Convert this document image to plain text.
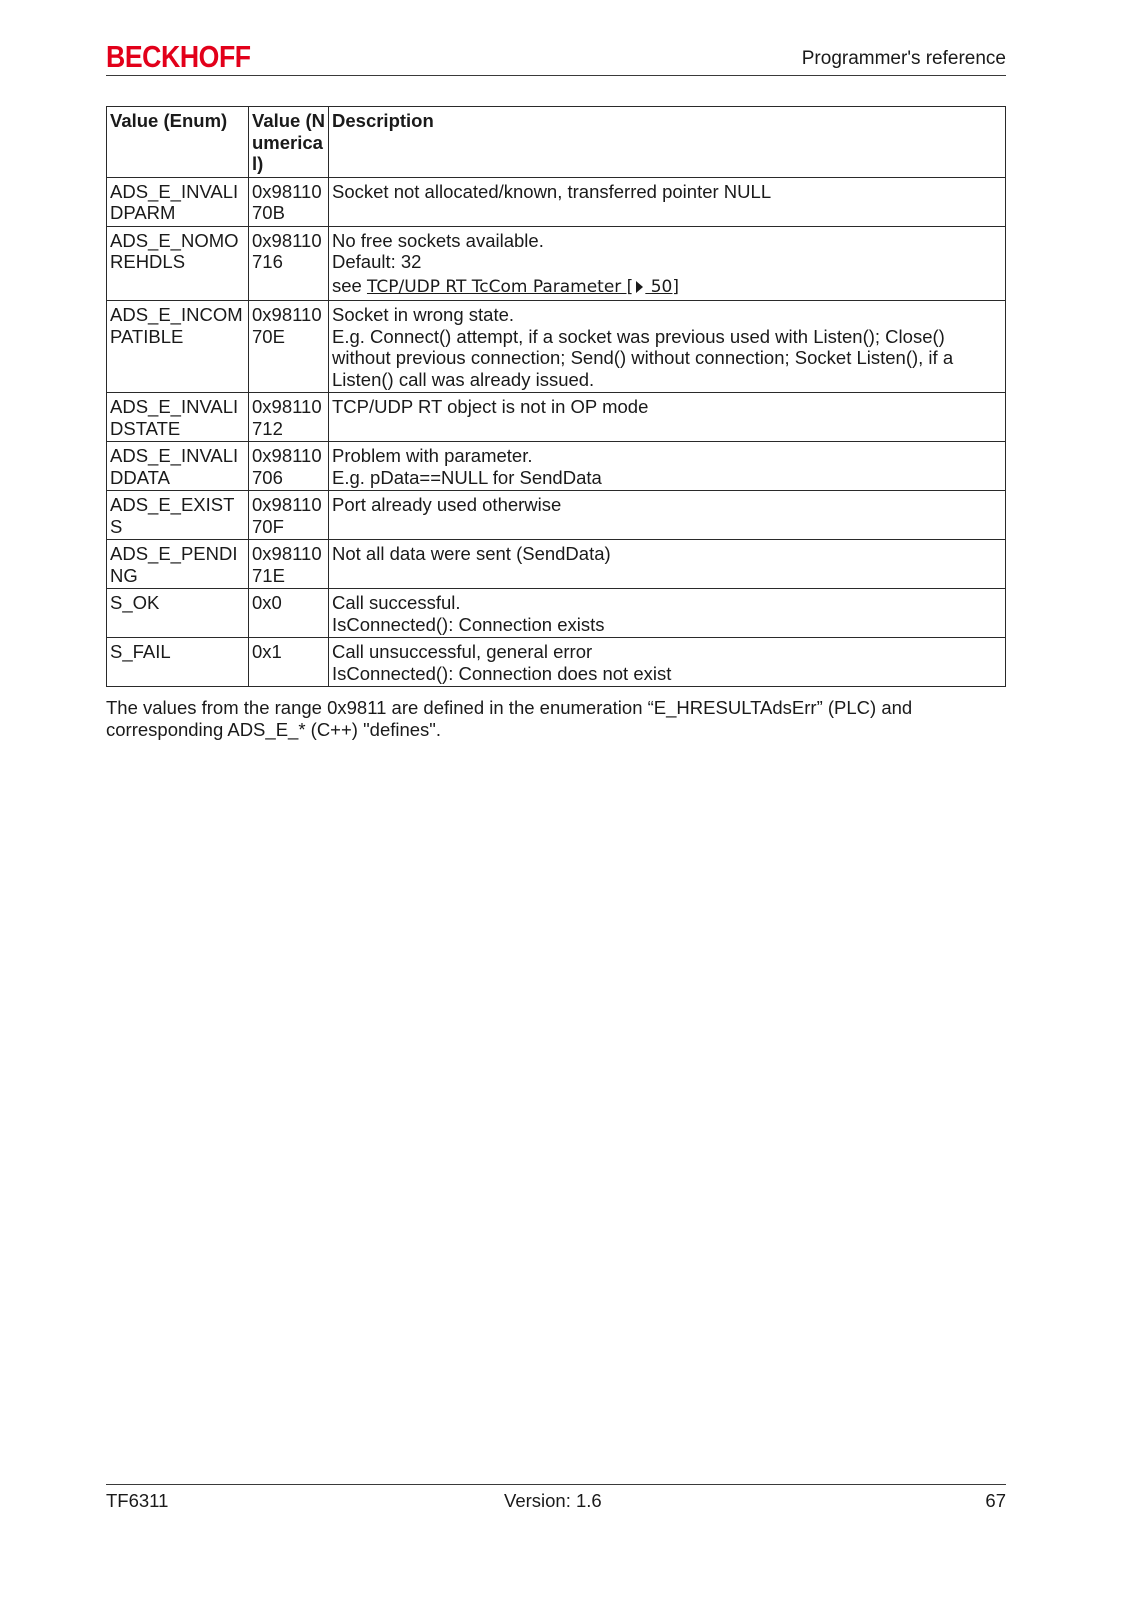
BECKHOFF	Programmer's reference
Value (Enum)	Value (Numerical)	Description
ADS_E_INVALIDPARM	0x9811070B	Socket not allocated/known, transferred pointer NULL

ADS_E_NOMOREHDLS	0x98110716	No free sockets available.
Default: 32
see TCP/UDP RT TcCom Parameter [ 50]

ADS_E_INCOMPATIBLE	0x9811070E	Socket in wrong state.
E.g. Connect() attempt, if a socket was previous used with Listen(); Close() without previous connection; Send() without connection; Socket Listen(), if a Listen() call was already issued.

ADS_E_INVALIDSTATE	0x98110712	TCP/UDP RT object is not in OP mode

ADS_E_INVALIDDATA	0x98110706	Problem with parameter.
E.g. pData==NULL for SendData

ADS_E_EXISTS	0x9811070F	Port already used otherwise

ADS_E_PENDING	0x9811071E	Not all data were sent (SendData)

S_OK	0x0	Call successful.
IsConnected(): Connection exists

S_FAIL	0x1	Call unsuccessful, general error
IsConnected(): Connection does not exist
The values from the range 0x9811 are defined in the enumeration “E_HRESULTAdsErr” (PLC) and corresponding ADS_E_* (C++) "defines".
TF6311	Version: 1.6	67
